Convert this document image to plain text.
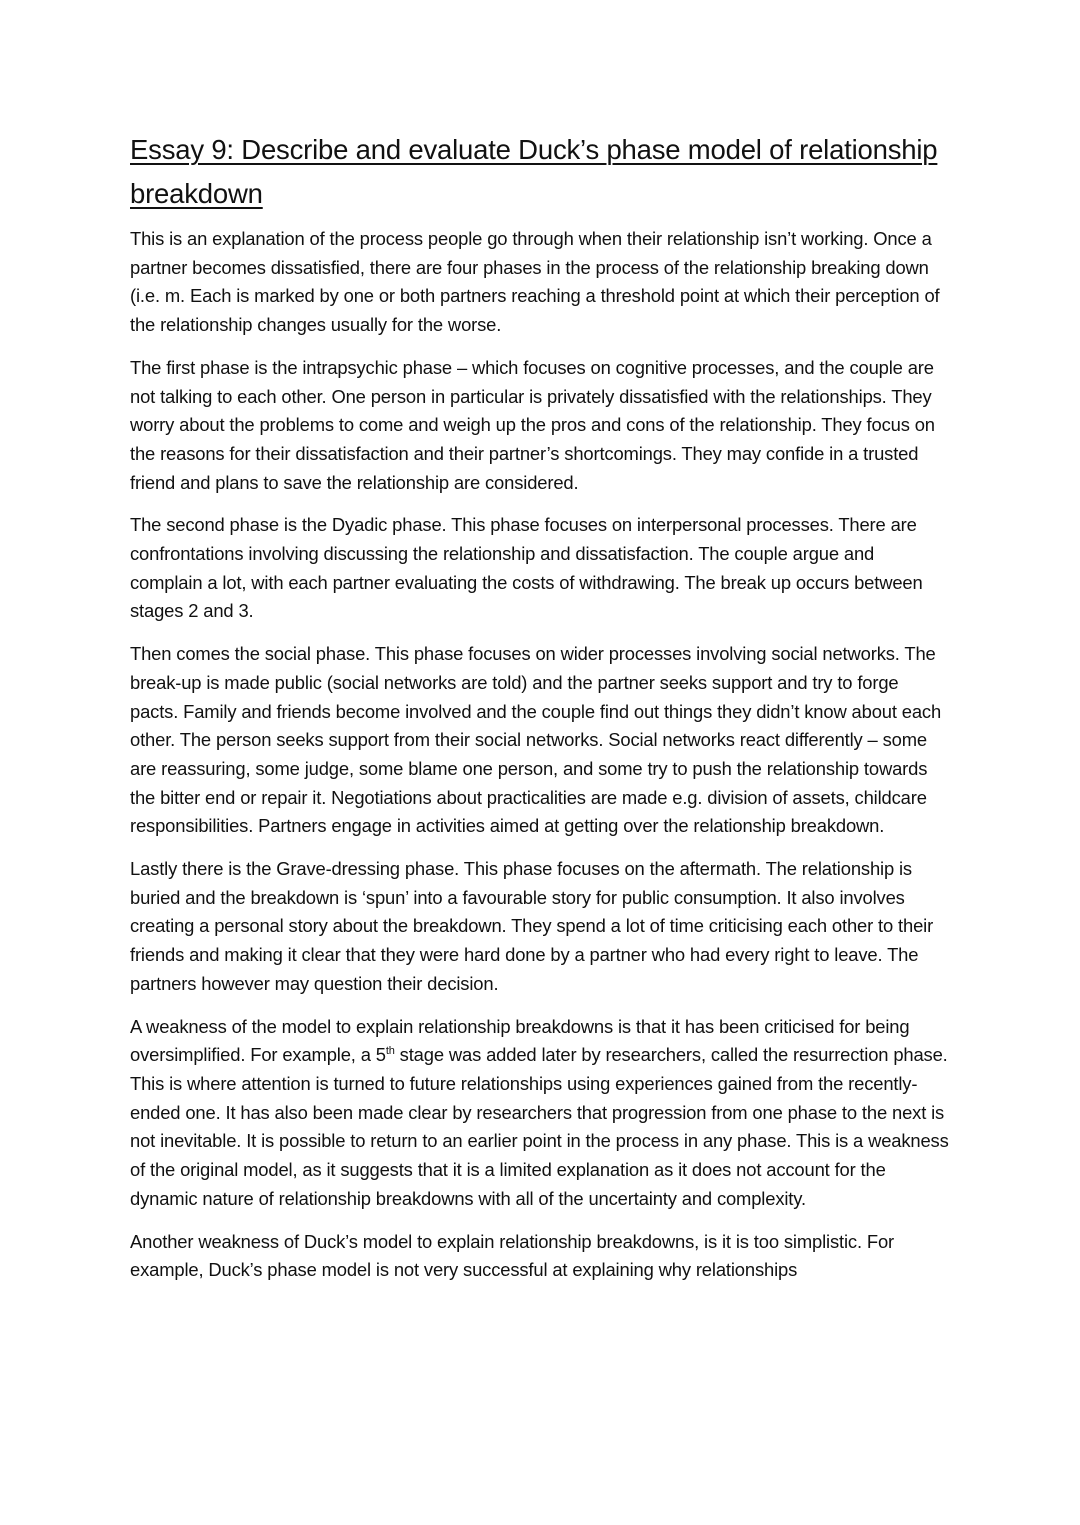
Essay 9: Describe and evaluate Duck’s phase model of relationship breakdown

This is an explanation of the process people go through when their relationship isn’t working. Once a partner becomes dissatisfied, there are four phases in the process of the relationship breaking down (i.e. m. Each is marked by one or both partners reaching a threshold point at which their perception of the relationship changes usually for the worse.

The first phase is the intrapsychic phase – which focuses on cognitive processes, and the couple are not talking to each other. One person in particular is privately dissatisfied with the relationships. They worry about the problems to come and weigh up the pros and cons of the relationship. They focus on the reasons for their dissatisfaction and their partner’s shortcomings. They may confide in a trusted friend and plans to save the relationship are considered.

The second phase is the Dyadic phase. This phase focuses on interpersonal processes. There are confrontations involving discussing the relationship and dissatisfaction. The couple argue and complain a lot, with each partner evaluating the costs of withdrawing. The break up occurs between stages 2 and 3.

Then comes the social phase. This phase focuses on wider processes involving social networks. The break-up is made public (social networks are told) and the partner seeks support and try to forge pacts. Family and friends become involved and the couple find out things they didn’t know about each other. The person seeks support from their social networks. Social networks react differently – some are reassuring, some judge, some blame one person, and some try to push the relationship towards the bitter end or repair it. Negotiations about practicalities are made e.g. division of assets, childcare responsibilities. Partners engage in activities aimed at getting over the relationship breakdown.

Lastly there is the Grave-dressing phase. This phase focuses on the aftermath. The relationship is buried and the breakdown is ‘spun’ into a favourable story for public consumption. It also involves creating a personal story about the breakdown. They spend a lot of time criticising each other to their friends and making it clear that they were hard done by a partner who had every right to leave. The partners however may question their decision.

A weakness of the model to explain relationship breakdowns is that it has been criticised for being oversimplified. For example, a 5th stage was added later by researchers, called the resurrection phase. This is where attention is turned to future relationships using experiences gained from the recently-ended one. It has also been made clear by researchers that progression from one phase to the next is not inevitable. It is possible to return to an earlier point in the process in any phase. This is a weakness of the original model, as it suggests that it is a limited explanation as it does not account for the dynamic nature of relationship breakdowns with all of the uncertainty and complexity.

Another weakness of Duck’s model to explain relationship breakdowns, is it is too simplistic. For example, Duck’s phase model is not very successful at explaining why relationships
